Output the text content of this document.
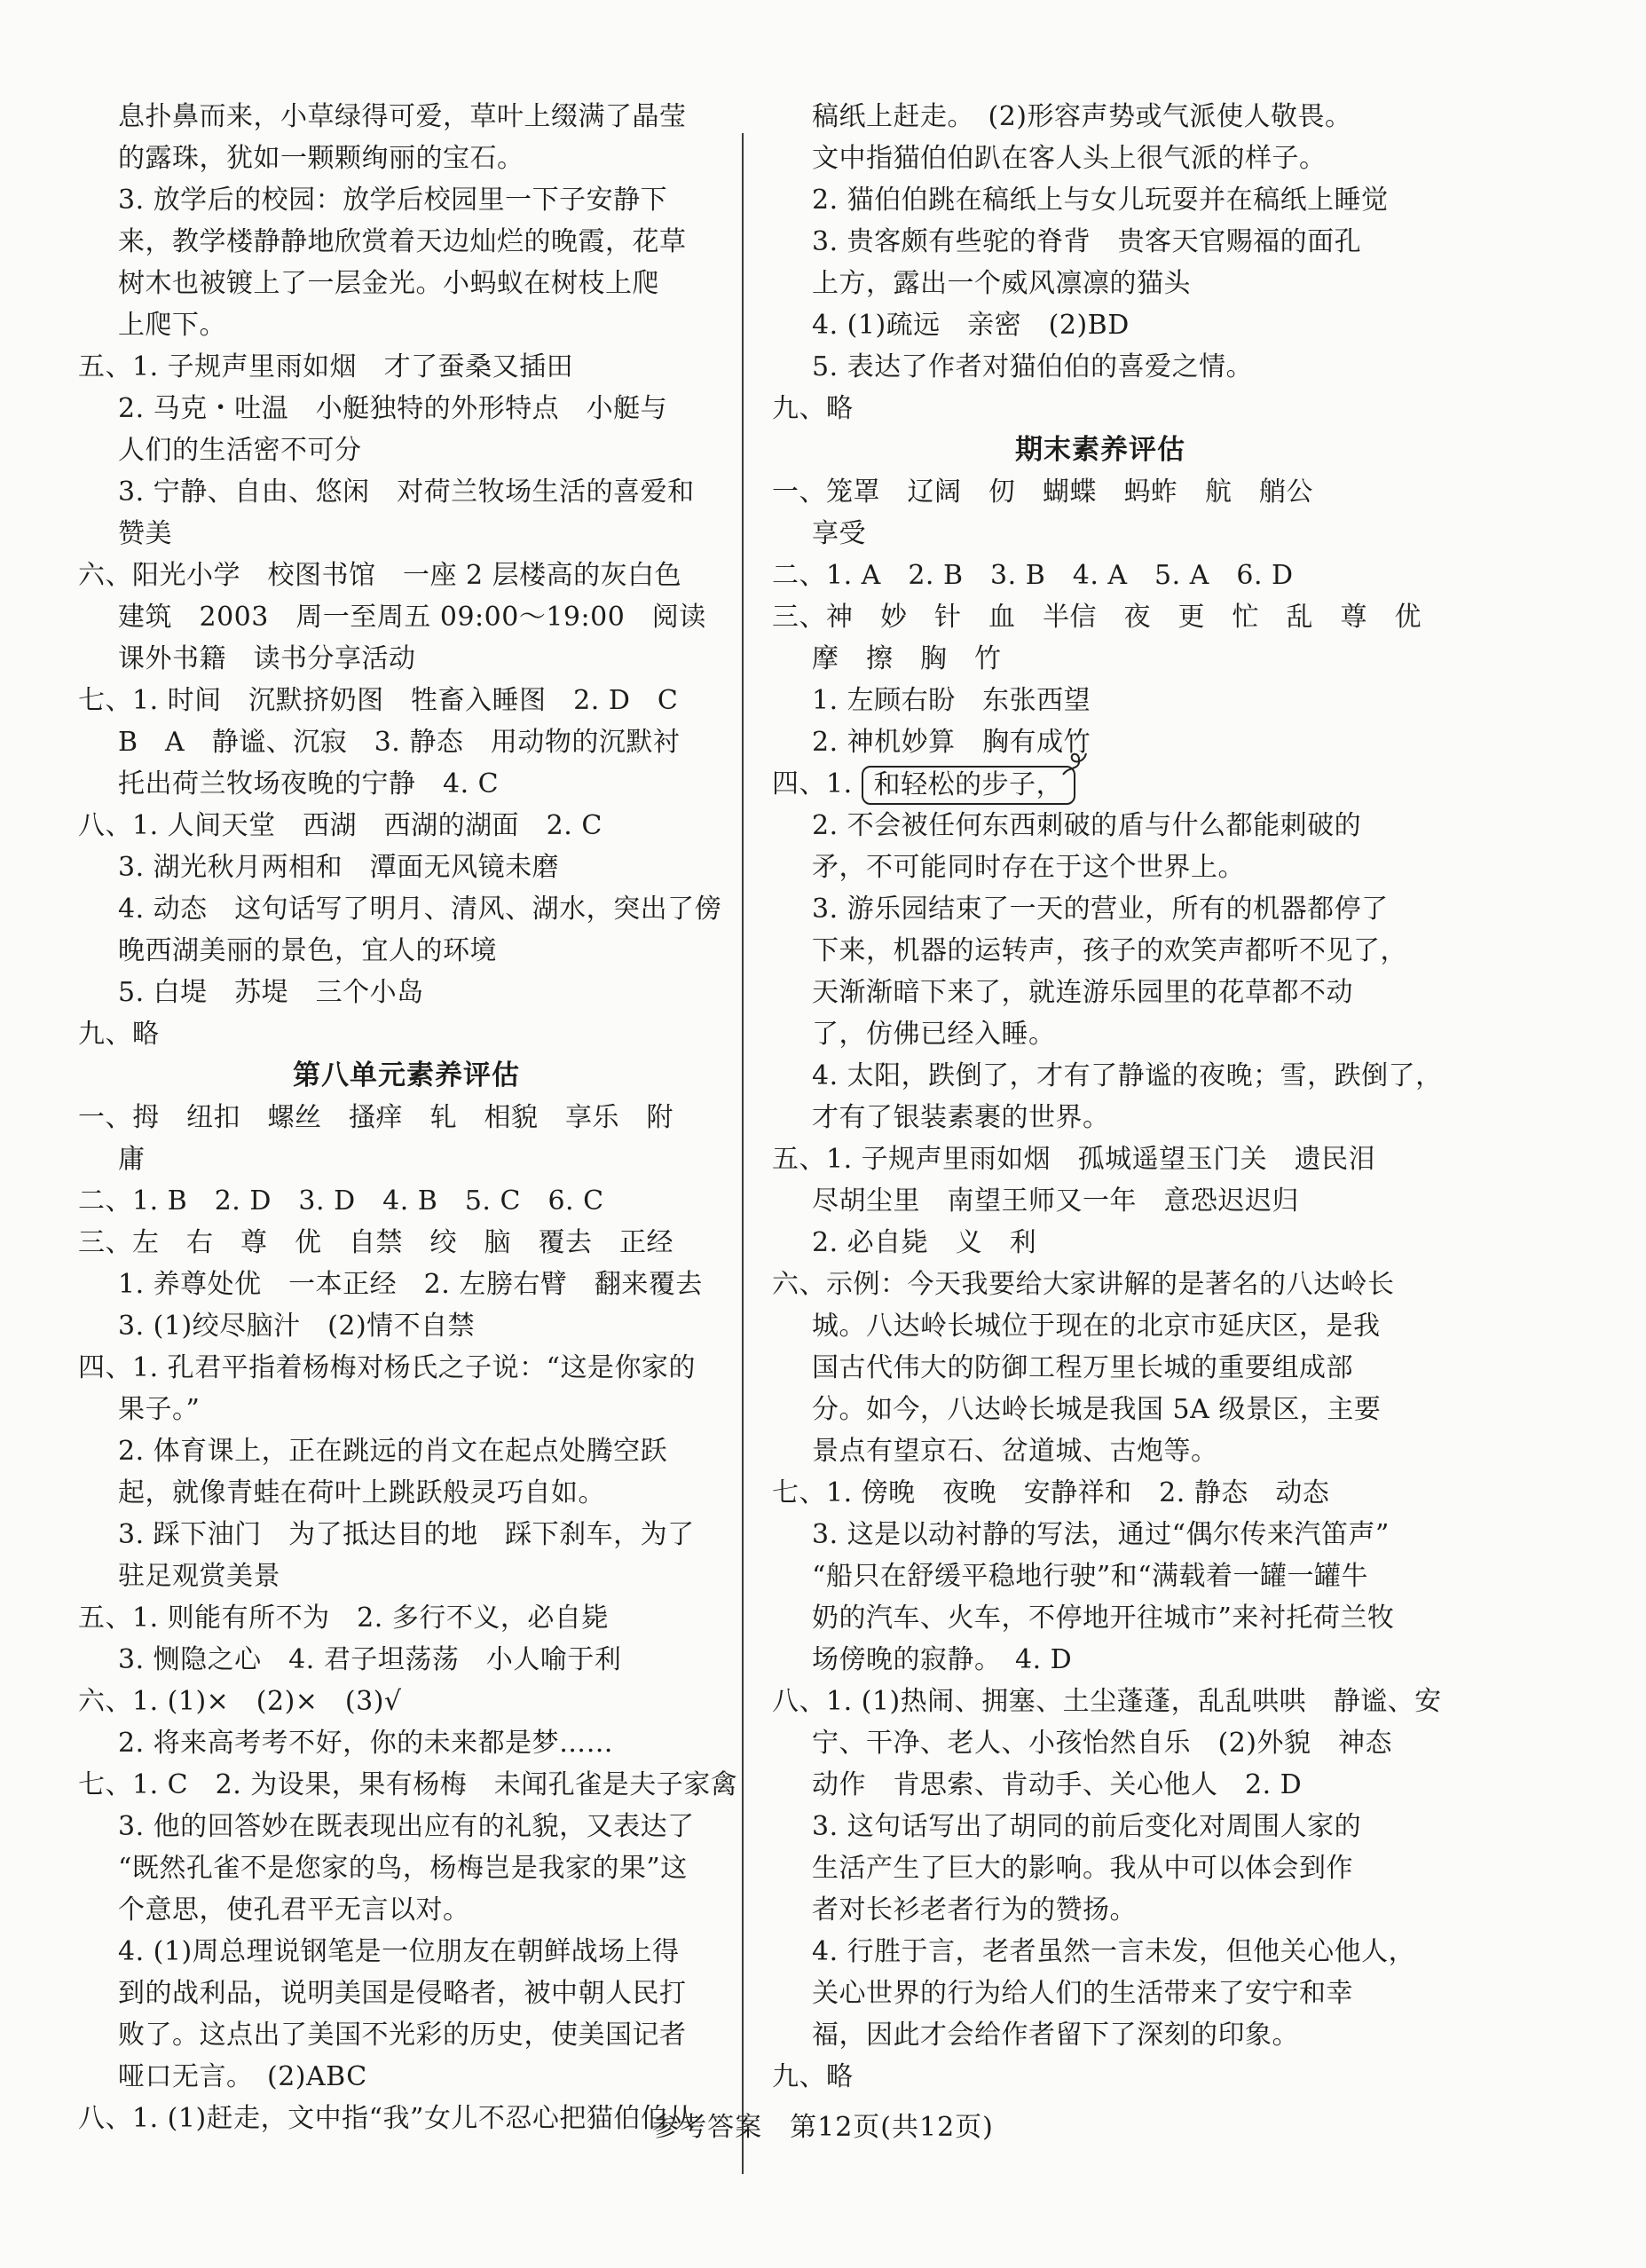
息扑鼻而来，小草绿得可爱，草叶上缀满了晶莹
的露珠，犹如一颗颗绚丽的宝石。
3. 放学后的校园：放学后校园里一下子安静下
来，教学楼静静地欣赏着天边灿烂的晚霞，花草
树木也被镀上了一层金光。小蚂蚁在树枝上爬
上爬下。
五、1. 子规声里雨如烟　才了蚕桑又插田
2. 马克・吐温　小艇独特的外形特点　小艇与
人们的生活密不可分
3. 宁静、自由、悠闲　对荷兰牧场生活的喜爱和
赞美
六、阳光小学　校图书馆　一座 2 层楼高的灰白色
建筑　2003　周一至周五 09:00～19:00　阅读
课外书籍　读书分享活动
七、1. 时间　沉默挤奶图　牲畜入睡图　2. D　C
B　A　静谧、沉寂　3. 静态　用动物的沉默衬
托出荷兰牧场夜晚的宁静　4. C
八、1. 人间天堂　西湖　西湖的湖面　2. C
3. 湖光秋月两相和　潭面无风镜未磨
4. 动态　这句话写了明月、清风、湖水，突出了傍
晚西湖美丽的景色，宜人的环境
5. 白堤　苏堤　三个小岛
九、略
第八单元素养评估
一、拇　纽扣　螺丝　搔痒　轧　相貌　享乐　附
庸
二、1. B　2. D　3. D　4. B　5. C　6. C
三、左　右　尊　优　自禁　绞　脑　覆去　正经
1. 养尊处优　一本正经　2. 左膀右臂　翻来覆去
3. (1)绞尽脑汁　(2)情不自禁
四、1. 孔君平指着杨梅对杨氏之子说：“这是你家的
果子。”
2. 体育课上，正在跳远的肖文在起点处腾空跃
起，就像青蛙在荷叶上跳跃般灵巧自如。
3. 踩下油门　为了抵达目的地　踩下刹车，为了
驻足观赏美景
五、1. 则能有所不为　2. 多行不义，必自毙
3. 恻隐之心　4. 君子坦荡荡　小人喻于利
六、1. (1)×　(2)×　(3)√
2. 将来高考考不好，你的未来都是梦……
七、1. C　2. 为设果，果有杨梅　未闻孔雀是夫子家禽
3. 他的回答妙在既表现出应有的礼貌，又表达了
“既然孔雀不是您家的鸟，杨梅岂是我家的果”这
个意思，使孔君平无言以对。
4. (1)周总理说钢笔是一位朋友在朝鲜战场上得
到的战利品，说明美国是侵略者，被中朝人民打
败了。这点出了美国不光彩的历史，使美国记者
哑口无言。　(2)ABC
八、1. (1)赶走，文中指“我”女儿不忍心把猫伯伯从
稿纸上赶走。　(2)形容声势或气派使人敬畏。
文中指猫伯伯趴在客人头上很气派的样子。
2. 猫伯伯跳在稿纸上与女儿玩耍并在稿纸上睡觉
3. 贵客颇有些驼的脊背　贵客天官赐福的面孔
上方，露出一个威风凛凛的猫头
4. (1)疏远　亲密　(2)BD
5. 表达了作者对猫伯伯的喜爱之情。
九、略
期末素养评估
一、笼罩　辽阔　仞　蝴蝶　蚂蚱　航　艄公
享受
二、1. A　2. B　3. B　4. A　5. A　6. D
三、神　妙　针　血　半信　夜　更　忙　乱　尊　优
摩　擦　胸　竹
1. 左顾右盼　东张西望
2. 神机妙算　胸有成竹
四、1. 和轻松的步子，
2. 不会被任何东西刺破的盾与什么都能刺破的
矛，不可能同时存在于这个世界上。
3. 游乐园结束了一天的营业，所有的机器都停了
下来，机器的运转声，孩子的欢笑声都听不见了，
天渐渐暗下来了，就连游乐园里的花草都不动
了，仿佛已经入睡。
4. 太阳，跌倒了，才有了静谧的夜晚；雪，跌倒了，
才有了银装素裹的世界。
五、1. 子规声里雨如烟　孤城遥望玉门关　遗民泪
尽胡尘里　南望王师又一年　意恐迟迟归
2. 必自毙　义　利
六、示例：今天我要给大家讲解的是著名的八达岭长
城。八达岭长城位于现在的北京市延庆区，是我
国古代伟大的防御工程万里长城的重要组成部
分。如今，八达岭长城是我国 5A 级景区，主要
景点有望京石、岔道城、古炮等。
七、1. 傍晚　夜晚　安静祥和　2. 静态　动态
3. 这是以动衬静的写法，通过“偶尔传来汽笛声”
“船只在舒缓平稳地行驶”和“满载着一罐一罐牛
奶的汽车、火车，不停地开往城市”来衬托荷兰牧
场傍晚的寂静。　4. D
八、1. (1)热闹、拥塞、土尘蓬蓬，乱乱哄哄　静谧、安
宁、干净、老人、小孩怡然自乐　(2)外貌　神态
动作　肯思索、肯动手、关心他人　2. D
3. 这句话写出了胡同的前后变化对周围人家的
生活产生了巨大的影响。我从中可以体会到作
者对长衫老者行为的赞扬。
4. 行胜于言，老者虽然一言未发，但他关心他人，
关心世界的行为给人们的生活带来了安宁和幸
福，因此才会给作者留下了深刻的印象。
九、略
参考答案　第12页(共12页)
